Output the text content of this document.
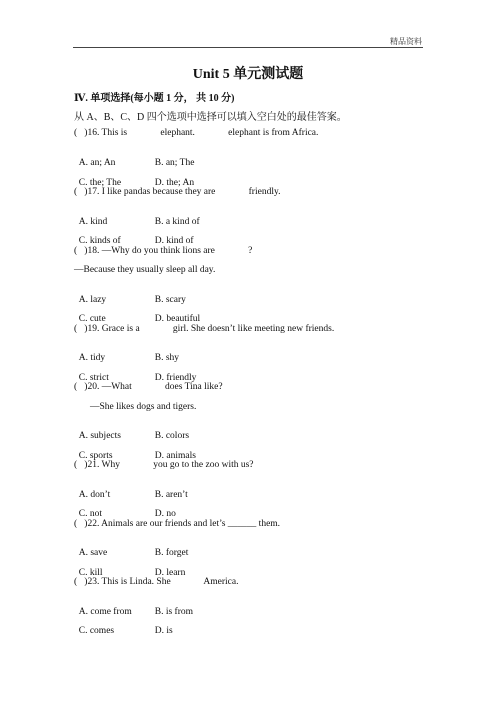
精品资料
Unit 5 单元测试题
Ⅳ. 单项选择(每小题 1 分， 共 10 分)
从 A、B、C、D 四个选项中选择可以填入空白处的最佳答案。
(   )16. This is              elephant.              elephant is from Africa.

A. an; An	B. an; The

C. the; The	D. the; An

(   )17. I like pandas because they are              friendly.

A. kind	B. a kind of

C. kinds of	D. kind of

(   )18. —Why do you think lions are              ?
—Because they usually sleep all day.

A. lazy	B. scary

C. cute	D. beautiful

(   )19. Grace is a              girl. She doesn’t like meeting new friends.

A. tidy	B. shy

C. strict	D. friendly

(   )20. —What              does Tina like?
—She likes dogs and tigers.

A. subjects	B. colors

C. sports	D. animals

(   )21. Why              you go to the zoo with us?

A. don’t	B. aren’t

C. not	D. no

(   )22. Animals are our friends and let’s ______ them.

A. save	B. forget

C. kill	D. learn

(   )23. This is Linda. She              America.

A. come from B. is from

C. comes	D. is
